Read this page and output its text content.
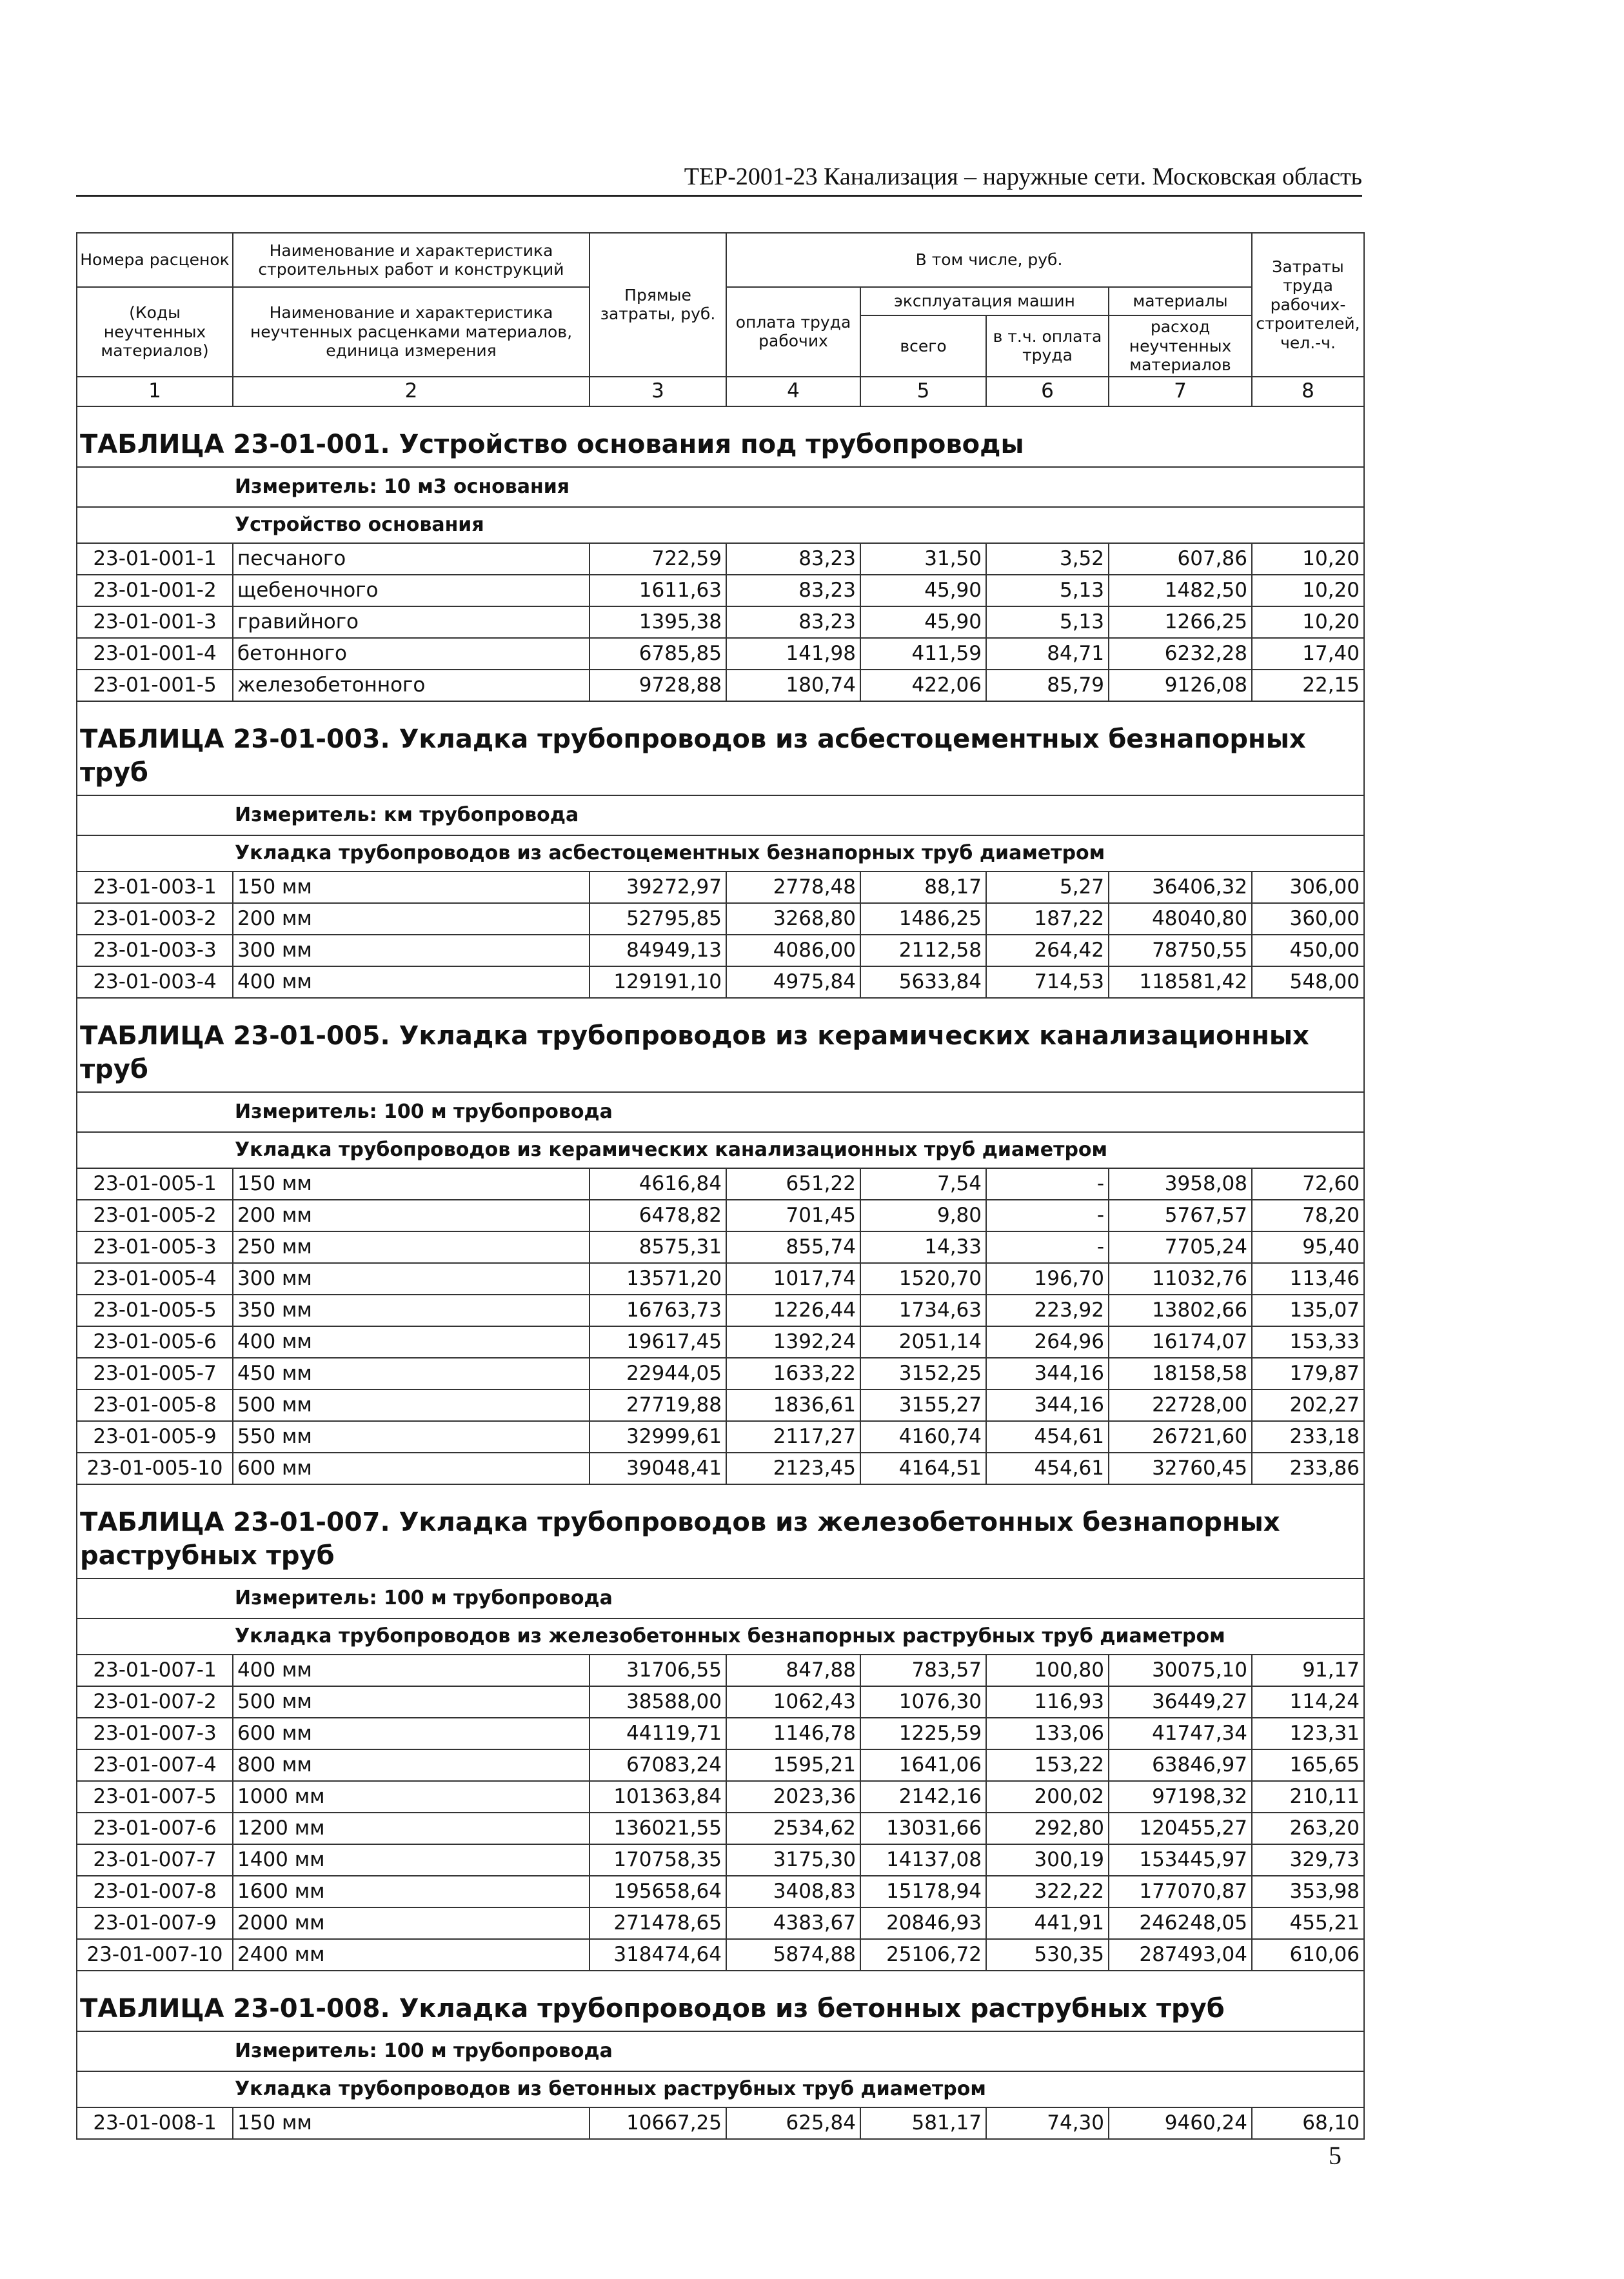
ТЕР-2001-23 Канализация – наружные сети. Московская область
Номера расценок	Наименование и характеристика строительных работ и конструкций	Прямые затраты, руб.	В том числе, руб.				Затраты труда рабочих-строителей, чел.-ч.
(Коды неучтенных материалов)	Наименование и характеристика неучтенных расценками материалов, единица измерения		оплата труда рабочих	эксплуатация машин		материалы	
				всего	в т.ч. оплата труда	расход неучтенных материалов	

1	2	3	4	5	6	7	8
ТАБЛИЦА 23-01-001. Устройство основания под трубопроводы							
Измеритель: 10 м3 основания							
Устройство основания							
23-01-001-1	песчаного	722,59	83,23	31,50	3,52	607,86	10,20
23-01-001-2	щебеночного	1611,63	83,23	45,90	5,13	1482,50	10,20
23-01-001-3	гравийного	1395,38	83,23	45,90	5,13	1266,25	10,20
23-01-001-4	бетонного	6785,85	141,98	411,59	84,71	6232,28	17,40
23-01-001-5	железобетонного	9728,88	180,74	422,06	85,79	9126,08	22,15
ТАБЛИЦА 23-01-003. Укладка трубопроводов из асбестоцементных безнапорных труб							
Измеритель: км трубопровода							
Укладка трубопроводов из асбестоцементных безнапорных труб диаметром							
23-01-003-1	150 мм	39272,97	2778,48	88,17	5,27	36406,32	306,00
23-01-003-2	200 мм	52795,85	3268,80	1486,25	187,22	48040,80	360,00
23-01-003-3	300 мм	84949,13	4086,00	2112,58	264,42	78750,55	450,00
23-01-003-4	400 мм	129191,10	4975,84	5633,84	714,53	118581,42	548,00
ТАБЛИЦА 23-01-005. Укладка трубопроводов из керамических канализационных труб							
Измеритель: 100 м трубопровода							
Укладка трубопроводов из керамических канализационных труб диаметром							
23-01-005-1	150 мм	4616,84	651,22	7,54	-	3958,08	72,60
23-01-005-2	200 мм	6478,82	701,45	9,80	-	5767,57	78,20
23-01-005-3	250 мм	8575,31	855,74	14,33	-	7705,24	95,40
23-01-005-4	300 мм	13571,20	1017,74	1520,70	196,70	11032,76	113,46
23-01-005-5	350 мм	16763,73	1226,44	1734,63	223,92	13802,66	135,07
23-01-005-6	400 мм	19617,45	1392,24	2051,14	264,96	16174,07	153,33
23-01-005-7	450 мм	22944,05	1633,22	3152,25	344,16	18158,58	179,87
23-01-005-8	500 мм	27719,88	1836,61	3155,27	344,16	22728,00	202,27
23-01-005-9	550 мм	32999,61	2117,27	4160,74	454,61	26721,60	233,18
23-01-005-10	600 мм	39048,41	2123,45	4164,51	454,61	32760,45	233,86
ТАБЛИЦА 23-01-007. Укладка трубопроводов из железобетонных безнапорных раструбных труб							
Измеритель: 100 м трубопровода							
Укладка трубопроводов из железобетонных безнапорных раструбных труб диаметром							
23-01-007-1	400 мм	31706,55	847,88	783,57	100,80	30075,10	91,17
23-01-007-2	500 мм	38588,00	1062,43	1076,30	116,93	36449,27	114,24
23-01-007-3	600 мм	44119,71	1146,78	1225,59	133,06	41747,34	123,31
23-01-007-4	800 мм	67083,24	1595,21	1641,06	153,22	63846,97	165,65
23-01-007-5	1000 мм	101363,84	2023,36	2142,16	200,02	97198,32	210,11
23-01-007-6	1200 мм	136021,55	2534,62	13031,66	292,80	120455,27	263,20
23-01-007-7	1400 мм	170758,35	3175,30	14137,08	300,19	153445,97	329,73
23-01-007-8	1600 мм	195658,64	3408,83	15178,94	322,22	177070,87	353,98
23-01-007-9	2000 мм	271478,65	4383,67	20846,93	441,91	246248,05	455,21
23-01-007-10	2400 мм	318474,64	5874,88	25106,72	530,35	287493,04	610,06
ТАБЛИЦА 23-01-008. Укладка трубопроводов из бетонных раструбных труб							
Измеритель: 100 м трубопровода							
Укладка трубопроводов из бетонных раструбных труб диаметром							
23-01-008-1	150 мм	10667,25	625,84	581,17	74,30	9460,24	68,10
5
